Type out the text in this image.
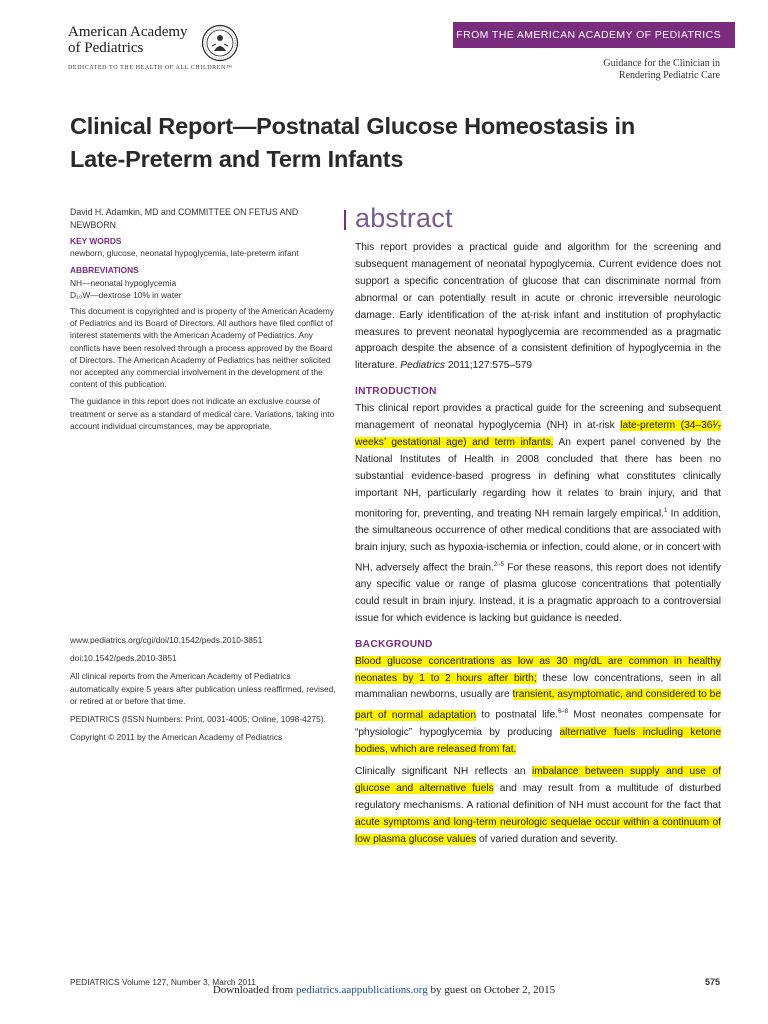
American Academy
of Pediatrics
DEDICATED TO THE HEALTH OF ALL CHILDREN™
FROM THE AMERICAN ACADEMY OF PEDIATRICS
Guidance for the Clinician in
Rendering Pediatric Care
Clinical Report—Postnatal Glucose Homeostasis in
Late-Preterm and Term Infants

David H. Adamkin, MD and COMMITTEE ON FETUS AND NEWBORN

KEY WORDS

newborn, glucose, neonatal hypoglycemia, late-preterm infant

ABBREVIATIONS
NH—neonatal hypoglycemia
D₁₀W—dextrose 10% in water

This document is copyrighted and is property of the American Academy of Pediatrics and its Board of Directors. All authors have filed conflict of interest statements with the American Academy of Pediatrics. Any conflicts have been resolved through a process approved by the Board of Directors. The American Academy of Pediatrics has neither solicited nor accepted any commercial involvement in the development of the content of this publication.

The guidance in this report does not indicate an exclusive course of treatment or serve as a standard of medical care. Variations, taking into account individual circumstances, may be appropriate.

www.pediatrics.org/cgi/doi/10.1542/peds.2010-3851

doi:10.1542/peds.2010-3851

All clinical reports from the American Academy of Pediatrics automatically expire 5 years after publication unless reaffirmed, revised, or retired at or before that time.

PEDIATRICS (ISSN Numbers: Print, 0031-4005; Online, 1098-4275).

Copyright © 2011 by the American Academy of Pediatrics

abstract

This report provides a practical guide and algorithm for the screening and subsequent management of neonatal hypoglycemia. Current evidence does not support a specific concentration of glucose that can discriminate normal from abnormal or can potentially result in acute or chronic irreversible neurologic damage. Early identification of the at-risk infant and institution of prophylactic measures to prevent neonatal hypoglycemia are recommended as a pragmatic approach despite the absence of a consistent definition of hypoglycemia in the literature. Pediatrics 2011;127:575–579

INTRODUCTION

This clinical report provides a practical guide for the screening and subsequent management of neonatal hypoglycemia (NH) in at-risk late-preterm (34–36¹⁄₇ weeks’ gestational age) and term infants. An expert panel convened by the National Institutes of Health in 2008 concluded that there has been no substantial evidence-based progress in defining what constitutes clinically important NH, particularly regarding how it relates to brain injury, and that monitoring for, preventing, and treating NH remain largely empirical.$^1$ In addition, the simultaneous occurrence of other medical conditions that are associated with brain injury, such as hypoxia-ischemia or infection, could alone, or in concert with NH, adversely affect the brain.$^{2-5}$ For these reasons, this report does not identify any specific value or range of plasma glucose concentrations that potentially could result in brain injury. Instead, it is a pragmatic approach to a controversial issue for which evidence is lacking but guidance is needed.

BACKGROUND

Blood glucose concentrations as low as 30 mg/dL are common in healthy neonates by 1 to 2 hours after birth; these low concentrations, seen in all mammalian newborns, usually are transient, asymptomatic, and considered to be part of normal adaptation to postnatal life.$^{6-8}$ Most neonates compensate for “physiologic” hypoglycemia by producing alternative fuels including ketone bodies, which are released from fat.

Clinically significant NH reflects an imbalance between supply and use of glucose and alternative fuels and may result from a multitude of disturbed regulatory mechanisms. A rational definition of NH must account for the fact that acute symptoms and long-term neurologic sequelae occur within a continuum of low plasma glucose values of varied duration and severity.

PEDIATRICS Volume 127, Number 3, March 2011	575
Downloaded from pediatrics.aappublications.org by guest on October 2, 2015
